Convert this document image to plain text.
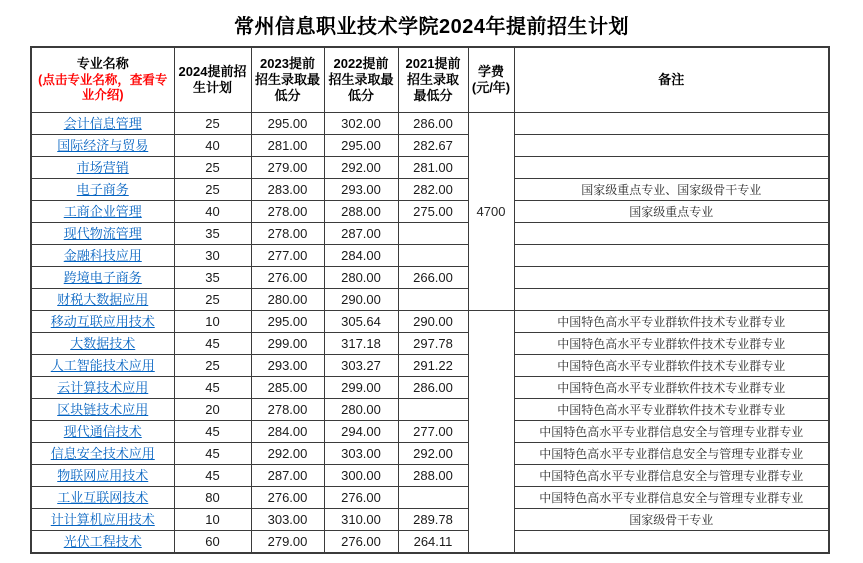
常州信息职业技术学院2024年提前招生计划
专业名称
(点击专业名称，查看专业介绍)	2024提前招生计划	2023提前招生录取最低分	2022提前招生录取最低分	2021提前招生录取最低分	学费(元/年)	备注
会计信息管理	25	295.00	302.00	286.00	4700	
国际经济与贸易	40	281.00	295.00	282.67		
市场营销	25	279.00	292.00	281.00		
电子商务	25	283.00	293.00	282.00		国家级重点专业、国家级骨干专业
工商企业管理	40	278.00	288.00	275.00		国家级重点专业
现代物流管理	35	278.00	287.00			
金融科技应用	30	277.00	284.00			
跨境电子商务	35	276.00	280.00	266.00		
财税大数据应用	25	280.00	290.00			
移动互联应用技术	10	295.00	305.64	290.00		中国特色高水平专业群软件技术专业群专业
大数据技术	45	299.00	317.18	297.78		中国特色高水平专业群软件技术专业群专业
人工智能技术应用	25	293.00	303.27	291.22		中国特色高水平专业群软件技术专业群专业
云计算技术应用	45	285.00	299.00	286.00		中国特色高水平专业群软件技术专业群专业
区块链技术应用	20	278.00	280.00			中国特色高水平专业群软件技术专业群专业
现代通信技术	45	284.00	294.00	277.00		中国特色高水平专业群信息安全与管理专业群专业
信息安全技术应用	45	292.00	303.00	292.00		中国特色高水平专业群信息安全与管理专业群专业
物联网应用技术	45	287.00	300.00	288.00		中国特色高水平专业群信息安全与管理专业群专业
工业互联网技术	80	276.00	276.00			中国特色高水平专业群信息安全与管理专业群专业
计计算机应用技术	10	303.00	310.00	289.78		国家级骨干专业
光伏工程技术	60	279.00	276.00	264.11		
